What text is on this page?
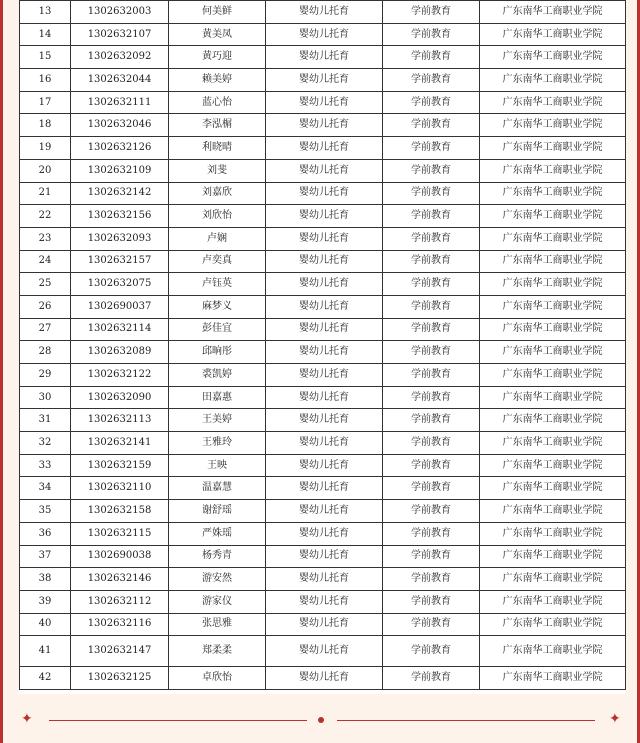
13	1302632003	何美鲜	婴幼儿托育	学前教育	广东南华工商职业学院
14	1302632107	黄美凤	婴幼儿托育	学前教育	广东南华工商职业学院
15	1302632092	黄巧迎	婴幼儿托育	学前教育	广东南华工商职业学院
16	1302632044	赖美婷	婴幼儿托育	学前教育	广东南华工商职业学院
17	1302632111	蓝心怡	婴幼儿托育	学前教育	广东南华工商职业学院
18	1302632046	李泓榍	婴幼儿托育	学前教育	广东南华工商职业学院
19	1302632126	利晓晴	婴幼儿托育	学前教育	广东南华工商职业学院
20	1302632109	刘斐	婴幼儿托育	学前教育	广东南华工商职业学院
21	1302632142	刘嘉欣	婴幼儿托育	学前教育	广东南华工商职业学院
22	1302632156	刘欣怡	婴幼儿托育	学前教育	广东南华工商职业学院
23	1302632093	卢娴	婴幼儿托育	学前教育	广东南华工商职业学院
24	1302632157	卢奕真	婴幼儿托育	学前教育	广东南华工商职业学院
25	1302632075	卢钰英	婴幼儿托育	学前教育	广东南华工商职业学院
26	1302690037	麻梦义	婴幼儿托育	学前教育	广东南华工商职业学院
27	1302632114	彭佳宜	婴幼儿托育	学前教育	广东南华工商职业学院
28	1302632089	邱晌彤	婴幼儿托育	学前教育	广东南华工商职业学院
29	1302632122	裘凯婷	婴幼儿托育	学前教育	广东南华工商职业学院
30	1302632090	田嘉惠	婴幼儿托育	学前教育	广东南华工商职业学院
31	1302632113	王美婷	婴幼儿托育	学前教育	广东南华工商职业学院
32	1302632141	王雅玲	婴幼儿托育	学前教育	广东南华工商职业学院
33	1302632159	王映	婴幼儿托育	学前教育	广东南华工商职业学院
34	1302632110	温嘉慧	婴幼儿托育	学前教育	广东南华工商职业学院
35	1302632158	谢舒瑶	婴幼儿托育	学前教育	广东南华工商职业学院
36	1302632115	严姝瑶	婴幼儿托育	学前教育	广东南华工商职业学院
37	1302690038	杨秀青	婴幼儿托育	学前教育	广东南华工商职业学院
38	1302632146	游安然	婴幼儿托育	学前教育	广东南华工商职业学院
39	1302632112	游家仪	婴幼儿托育	学前教育	广东南华工商职业学院
40	1302632116	张思雅	婴幼儿托育	学前教育	广东南华工商职业学院
41	1302632147	郑柔柔	婴幼儿托育	学前教育	广东南华工商职业学院
42	1302632125	卓欣怡	婴幼儿托育	学前教育	广东南华工商职业学院
✦	✦
